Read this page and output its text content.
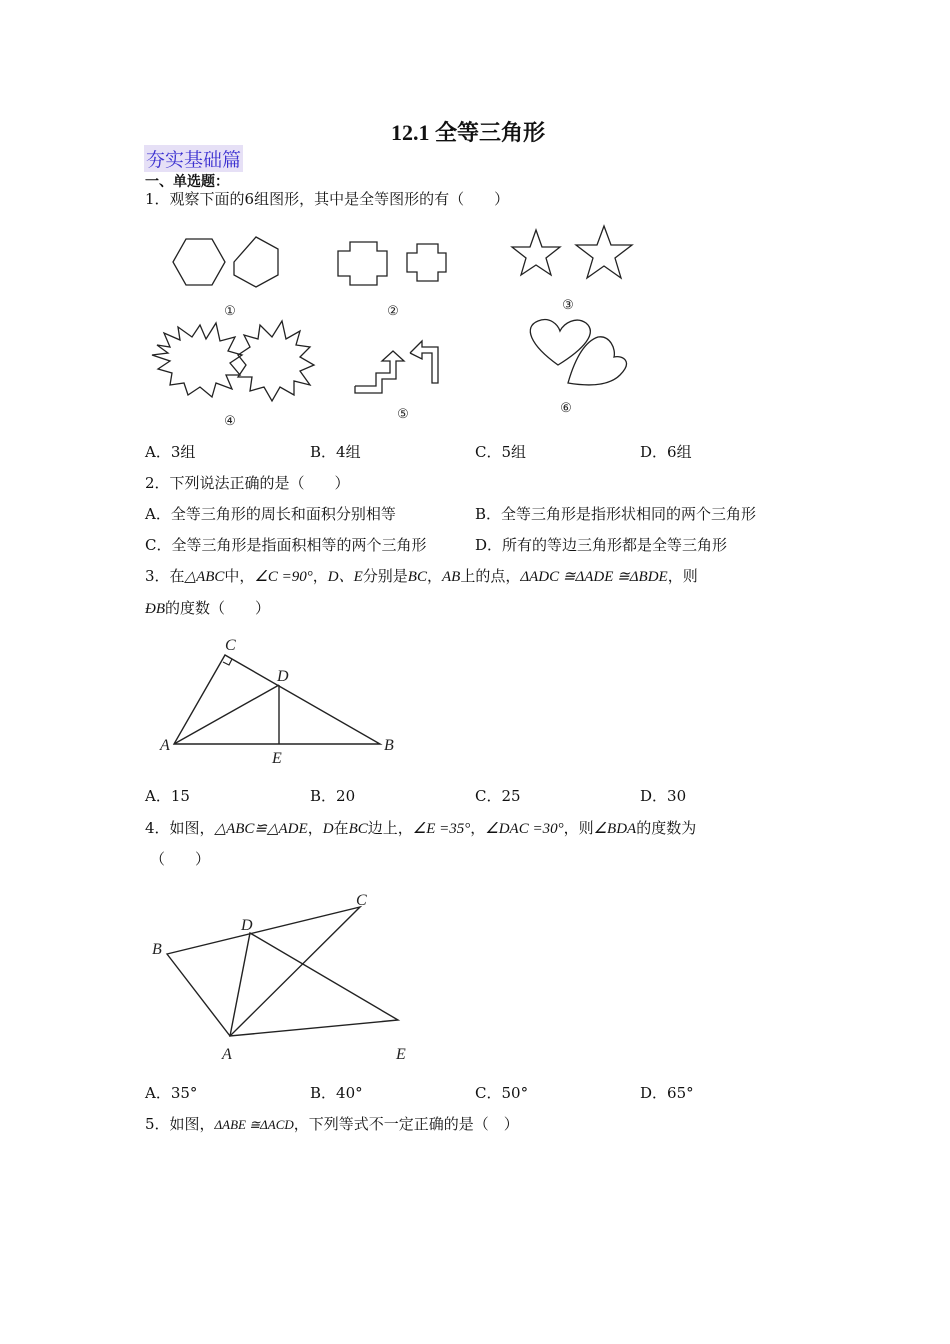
12.1 全等三角形
夯实基础篇
一、单选题：
1．观察下面的6组图形，其中是全等图形的有（　　）
①	②	③
④	⑤	⑥
A．3组	B．4组	C．5组	D．6组
2．下列说法正确的是（　　）
A．全等三角形的周长和面积分别相等	B．全等三角形是指形状相同的两个三角形
C．全等三角形是指面积相等的两个三角形	D．所有的等边三角形都是全等三角形
3．在△ABC中，∠C =90°，D、E分别是BC，AB上的点，ΔADC ≅ΔADE ≅ΔBDE，则
ÐB的度数（　　）
C
D
A	B
E
A．15	B．20	C．25	D．30
4．如图，△ABC≌△ADE，D在BC边上，∠E =35°，∠DAC =30°，则∠BDA的度数为
（　　）
C
D
B
A	E
A．35°	B．40°	C．50°	D．65°
5．如图，ΔABE ≅ΔACD，下列等式不一定正确的是（　）
